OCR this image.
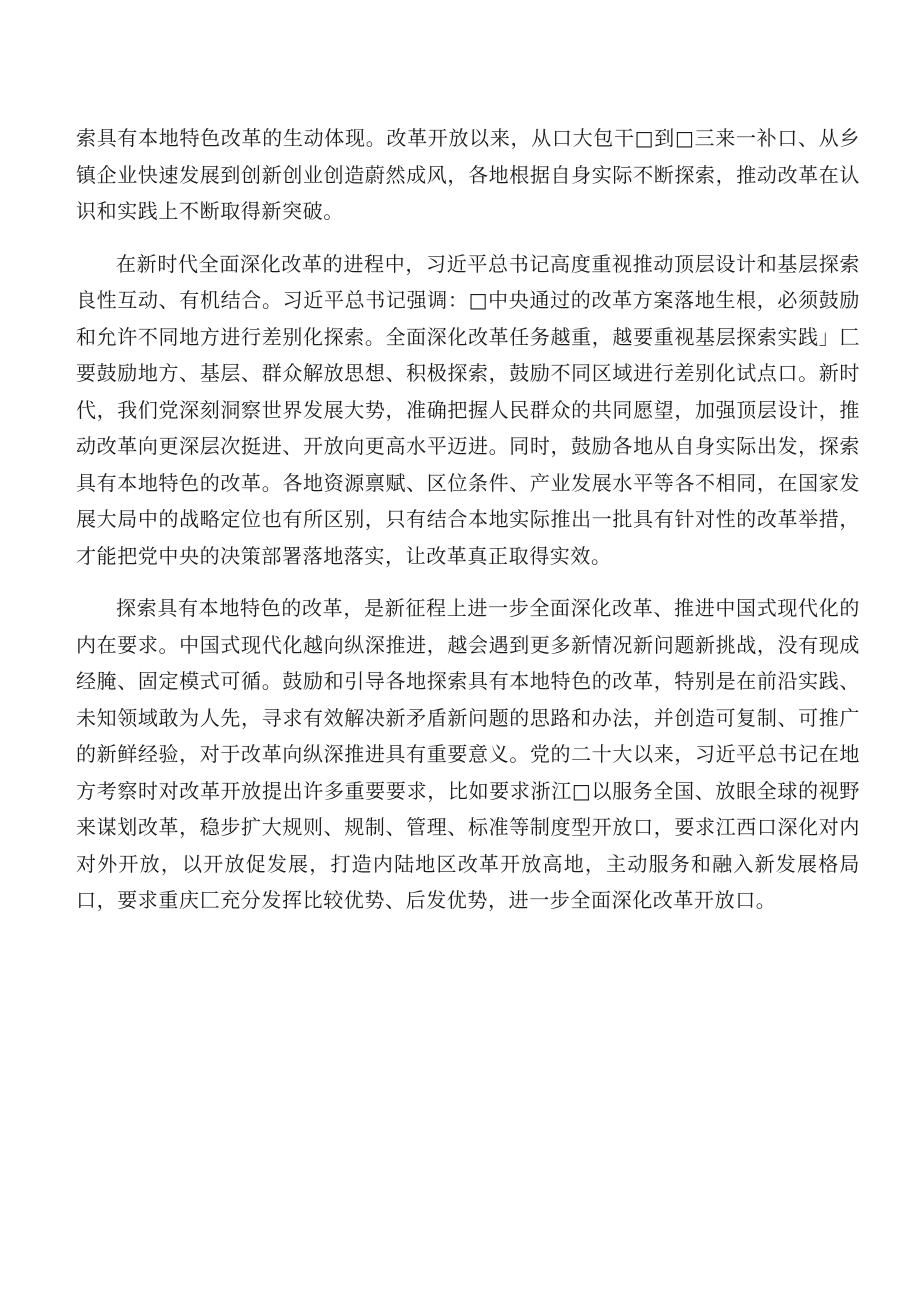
索具有本地特色改革的生动体现。改革开放以来，从口大包干□到□三来一补口、从乡镇企业快速发展到创新创业创造蔚然成风，各地根据自身实际不断探索，推动改革在认识和实践上不断取得新突破。

在新时代全面深化改革的进程中，习近平总书记高度重视推动顶层设计和基层探索良性互动、有机结合。习近平总书记强调：□中央通过的改革方案落地生根，必须鼓励和允许不同地方进行差别化探索。全面深化改革任务越重，越要重视基层探索实践」匚要鼓励地方、基层、群众解放思想、积极探索，鼓励不同区域进行差别化试点口。新时代，我们党深刻洞察世界发展大势，准确把握人民群众的共同愿望，加强顶层设计，推动改革向更深层次挺进、开放向更高水平迈进。同时，鼓励各地从自身实际出发，探索具有本地特色的改革。各地资源禀赋、区位条件、产业发展水平等各不相同，在国家发展大局中的战略定位也有所区别，只有结合本地实际推出一批具有针对性的改革举措，才能把党中央的决策部署落地落实，让改革真正取得实效。

探索具有本地特色的改革，是新征程上进一步全面深化改革、推进中国式现代化的内在要求。中国式现代化越向纵深推进，越会遇到更多新情况新问题新挑战，没有现成经腌、固定模式可循。鼓励和引导各地探索具有本地特色的改革，特别是在前沿实践、未知领域敢为人先，寻求有效解决新矛盾新问题的思路和办法，并创造可复制、可推广的新鲜经验，对于改革向纵深推进具有重要意义。党的二十大以来，习近平总书记在地方考察时对改革开放提出许多重要要求，比如要求浙江□以服务全国、放眼全球的视野来谋划改革，稳步扩大规则、规制、管理、标准等制度型开放口，要求江西口深化对内对外开放，以开放促发展，打造内陆地区改革开放高地，主动服务和融入新发展格局口，要求重庆匚充分发挥比较优势、后发优势，进一步全面深化改革开放口。
